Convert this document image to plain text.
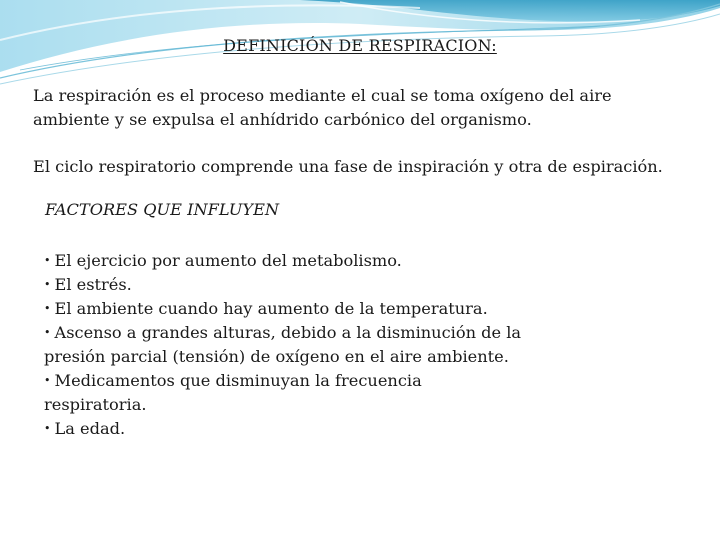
DEFINICIÓN DE RESPIRACION:
La respiración es el proceso mediante el cual se toma oxígeno del aire ambiente y se expulsa el anhídrido carbónico del organismo.
El ciclo respiratorio comprende una fase de inspiración y otra de espiración.
FACTORES QUE INFLUYEN
• El ejercicio por aumento del metabolismo.
• El estrés.
• El ambiente cuando hay aumento de la temperatura.
• Ascenso a grandes alturas, debido a la disminución de la presión parcial (tensión) de oxígeno en el aire ambiente.
• Medicamentos que disminuyan la frecuencia respiratoria.
• La edad.
